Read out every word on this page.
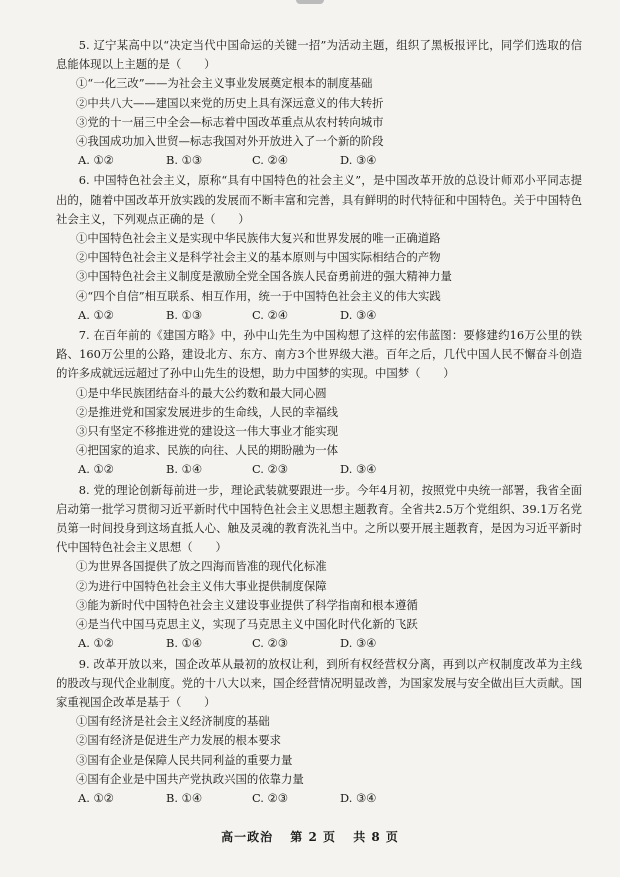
5. 辽宁某高中以“决定当代中国命运的关键一招”为活动主题，组织了黑板报评比，同学们选取的信息能体现以上主题的是（　　）
①“一化三改”——为社会主义事业发展奠定根本的制度基础
②中共八大——建国以来党的历史上具有深远意义的伟大转折
③党的十一届三中全会—标志着中国改革重点从农村转向城市
④我国成功加入世贸—标志我国对外开放进入了一个新的阶段
A. ①②	B. ①③	C. ②④	D. ③④
6. 中国特色社会主义，原称“具有中国特色的社会主义”，是中国改革开放的总设计师邓小平同志提出的，随着中国改革开放实践的发展而不断丰富和完善，具有鲜明的时代特征和中国特色。关于中国特色社会主义，下列观点正确的是（　　）
①中国特色社会主义是实现中华民族伟大复兴和世界发展的唯一正确道路
②中国特色社会主义是科学社会主义的基本原则与中国实际相结合的产物
③中国特色社会主义制度是激励全党全国各族人民奋勇前进的强大精神力量
④“四个自信”相互联系、相互作用，统一于中国特色社会主义的伟大实践
A. ①②	B. ①③	C. ②④	D. ③④
7. 在百年前的《建国方略》中，孙中山先生为中国构想了这样的宏伟蓝图：要修建约16万公里的铁路、160万公里的公路，建设北方、东方、南方3个世界级大港。百年之后，几代中国人民不懈奋斗创造的许多成就远远超过了孙中山先生的设想，助力中国梦的实现。中国梦（　　）
①是中华民族团结奋斗的最大公约数和最大同心圆
②是推进党和国家发展进步的生命线，人民的幸福线
③只有坚定不移推进党的建设这一伟大事业才能实现
④把国家的追求、民族的向往、人民的期盼融为一体
A. ①②	B. ①④	C. ②③	D. ③④
8. 党的理论创新每前进一步，理论武装就要跟进一步。今年4月初，按照党中央统一部署，我省全面启动第一批学习贯彻习近平新时代中国特色社会主义思想主题教育。全省共2.5万个党组织、39.1万名党员第一时间投身到这场直抵人心、触及灵魂的教育洗礼当中。之所以要开展主题教育，是因为习近平新时代中国特色社会主义思想（　　）
①为世界各国提供了放之四海而皆准的现代化标准
②为进行中国特色社会主义伟大事业提供制度保障
③能为新时代中国特色社会主义建设事业提供了科学指南和根本遵循
④是当代中国马克思主义，实现了马克思主义中国化时代化新的飞跃
A. ①②	B. ①④	C. ②③	D. ③④
9. 改革开放以来，国企改革从最初的放权让利，到所有权经营权分离，再到以产权制度改革为主线的股改与现代企业制度。党的十八大以来，国企经营情况明显改善，为国家发展与安全做出巨大贡献。国家重视国企改革是基于（　　）
①国有经济是社会主义经济制度的基础
②国有经济是促进生产力发展的根本要求
③国有企业是保障人民共同利益的重要力量
④国有企业是中国共产党执政兴国的依靠力量
A. ①②	B. ①④	C. ②③	D. ③④
高一政治 第 2 页 共 8 页
